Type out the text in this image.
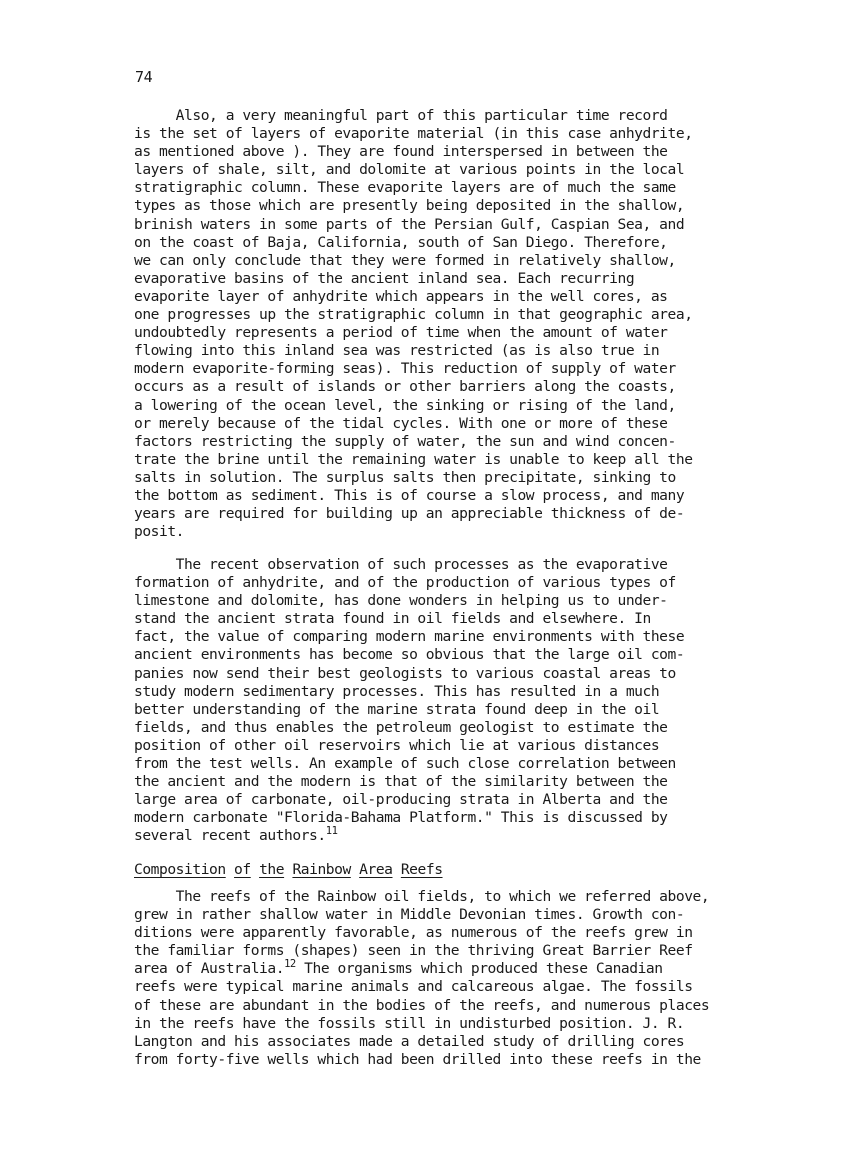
74
Also, a very meaningful part of this particular time record
is the set of layers of evaporite material (in this case anhydrite,
as mentioned above ). They are found interspersed in between the
layers of shale, silt, and dolomite at various points in the local
stratigraphic column. These evaporite layers are of much the same
types as those which are presently being deposited in the shallow,
brinish waters in some parts of the Persian Gulf, Caspian Sea, and
on the coast of Baja, California, south of San Diego. Therefore,
we can only conclude that they were formed in relatively shallow,
evaporative basins of the ancient inland sea. Each recurring
evaporite layer of anhydrite which appears in the well cores, as
one progresses up the stratigraphic column in that geographic area,
undoubtedly represents a period of time when the amount of water
flowing into this inland sea was restricted (as is also true in
modern evaporite-forming seas). This reduction of supply of water
occurs as a result of islands or other barriers along the coasts,
a lowering of the ocean level, the sinking or rising of the land,
or merely because of the tidal cycles. With one or more of these
factors restricting the supply of water, the sun and wind concen-
trate the brine until the remaining water is unable to keep all the
salts in solution. The surplus salts then precipitate, sinking to
the bottom as sediment. This is of course a slow process, and many
years are required for building up an appreciable thickness of de-
posit.
The recent observation of such processes as the evaporative
formation of anhydrite, and of the production of various types of
limestone and dolomite, has done wonders in helping us to under-
stand the ancient strata found in oil fields and elsewhere. In
fact, the value of comparing modern marine environments with these
ancient environments has become so obvious that the large oil com-
panies now send their best geologists to various coastal areas to
study modern sedimentary processes. This has resulted in a much
better understanding of the marine strata found deep in the oil
fields, and thus enables the petroleum geologist to estimate the
position of other oil reservoirs which lie at various distances
from the test wells. An example of such close correlation between
the ancient and the modern is that of the similarity between the
large area of carbonate, oil-producing strata in Alberta and the
modern carbonate "Florida-Bahama Platform." This is discussed by
several recent authors.$^{11}$
Composition of the Rainbow Area Reefs
The reefs of the Rainbow oil fields, to which we referred above,
grew in rather shallow water in Middle Devonian times. Growth con-
ditions were apparently favorable, as numerous of the reefs grew in
the familiar forms (shapes) seen in the thriving Great Barrier Reef
area of Australia.$^{12}$ The organisms which produced these Canadian
reefs were typical marine animals and calcareous algae. The fossils
of these are abundant in the bodies of the reefs, and numerous places
in the reefs have the fossils still in undisturbed position. J. R.
Langton and his associates made a detailed study of drilling cores
from forty-five wells which had been drilled into these reefs in the
